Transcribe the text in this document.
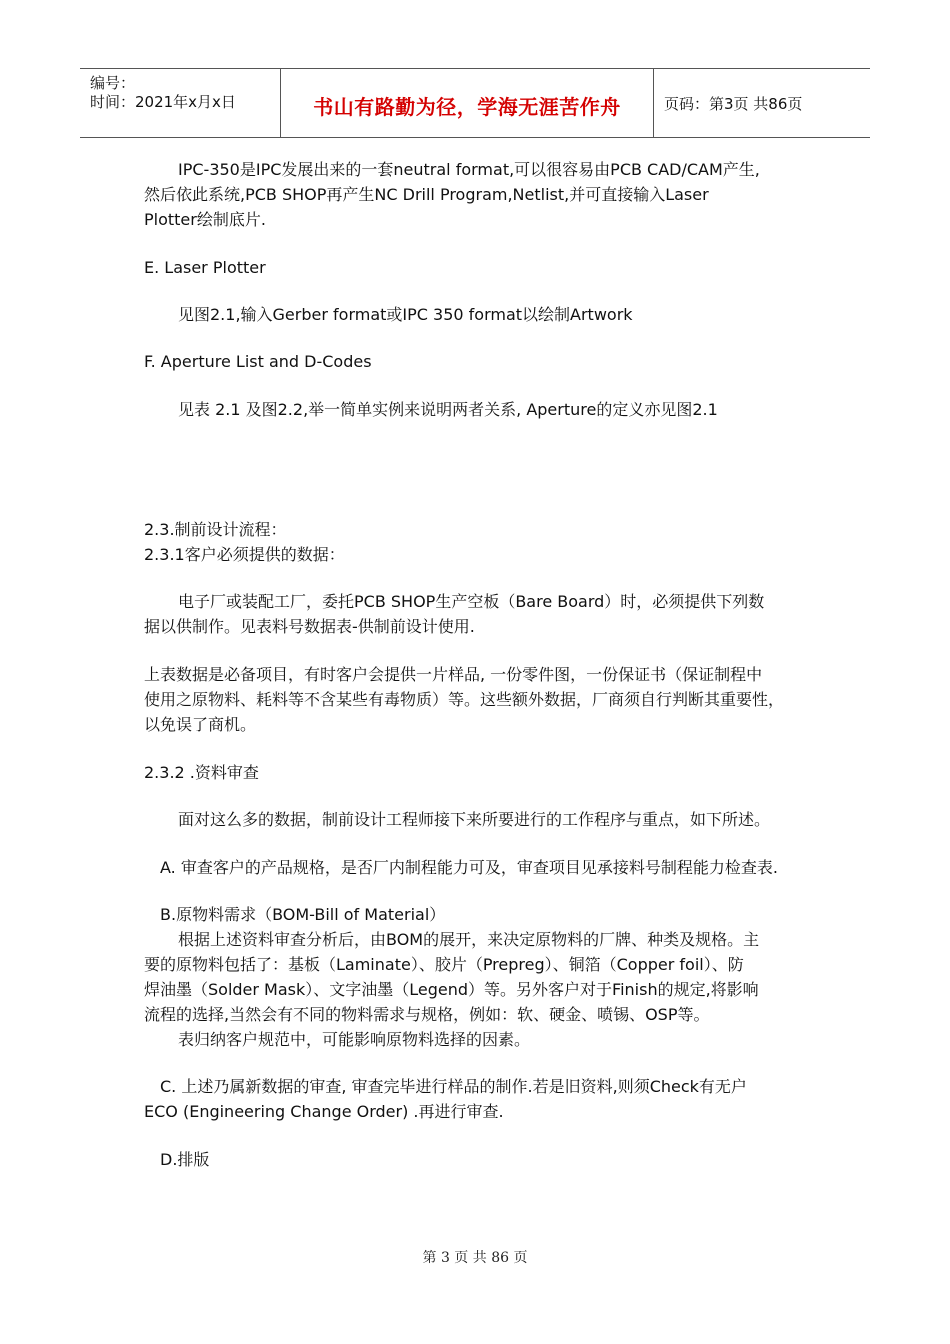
编号：
时间：2021年x月x日	书山有路勤为径，学海无涯苦作舟	页码：第3页 共86页

IPC-350是IPC发展出来的一套neutral format,可以很容易由PCB CAD/CAM产生,

然后依此系统,PCB SHOP再产生NC Drill Program,Netlist,并可直接输入Laser

Plotter绘制底片.

E. Laser Plotter

见图2.1,输入Gerber format或IPC 350 format以绘制Artwork

F. Aperture List and D-Codes

见表 2.1 及图2.2,举一简单实例来说明两者关系, Aperture的定义亦见图2.1

2.3.制前设计流程：

2.3.1客户必须提供的数据：

电子厂或装配工厂，委托PCB SHOP生产空板（Bare Board）时，必须提供下列数

据以供制作。见表料号数据表-供制前设计使用.

上表数据是必备项目，有时客户会提供一片样品, 一份零件图，一份保证书（保证制程中

使用之原物料、耗料等不含某些有毒物质）等。这些额外数据，厂商须自行判断其重要性，

以免误了商机。

2.3.2 .资料审查

面对这么多的数据，制前设计工程师接下来所要进行的工作程序与重点，如下所述。

A. 审查客户的产品规格，是否厂内制程能力可及，审查项目见承接料号制程能力检查表.

B.原物料需求（BOM-Bill of Material）

根据上述资料审查分析后，由BOM的展开，来决定原物料的厂牌、种类及规格。主

要的原物料包括了：基板（Laminate）、胶片（Prepreg）、铜箔（Copper foil）、防

焊油墨（Solder Mask）、文字油墨（Legend）等。另外客户对于Finish的规定,将影响

流程的选择,当然会有不同的物料需求与规格，例如：软、硬金、喷锡、OSP等。

表归纳客户规范中，可能影响原物料选择的因素。

C. 上述乃属新数据的审查, 审查完毕进行样品的制作.若是旧资料,则须Check有无户

ECO (Engineering Change Order) .再进行审查.

D.排版

第 3 页 共 86 页
